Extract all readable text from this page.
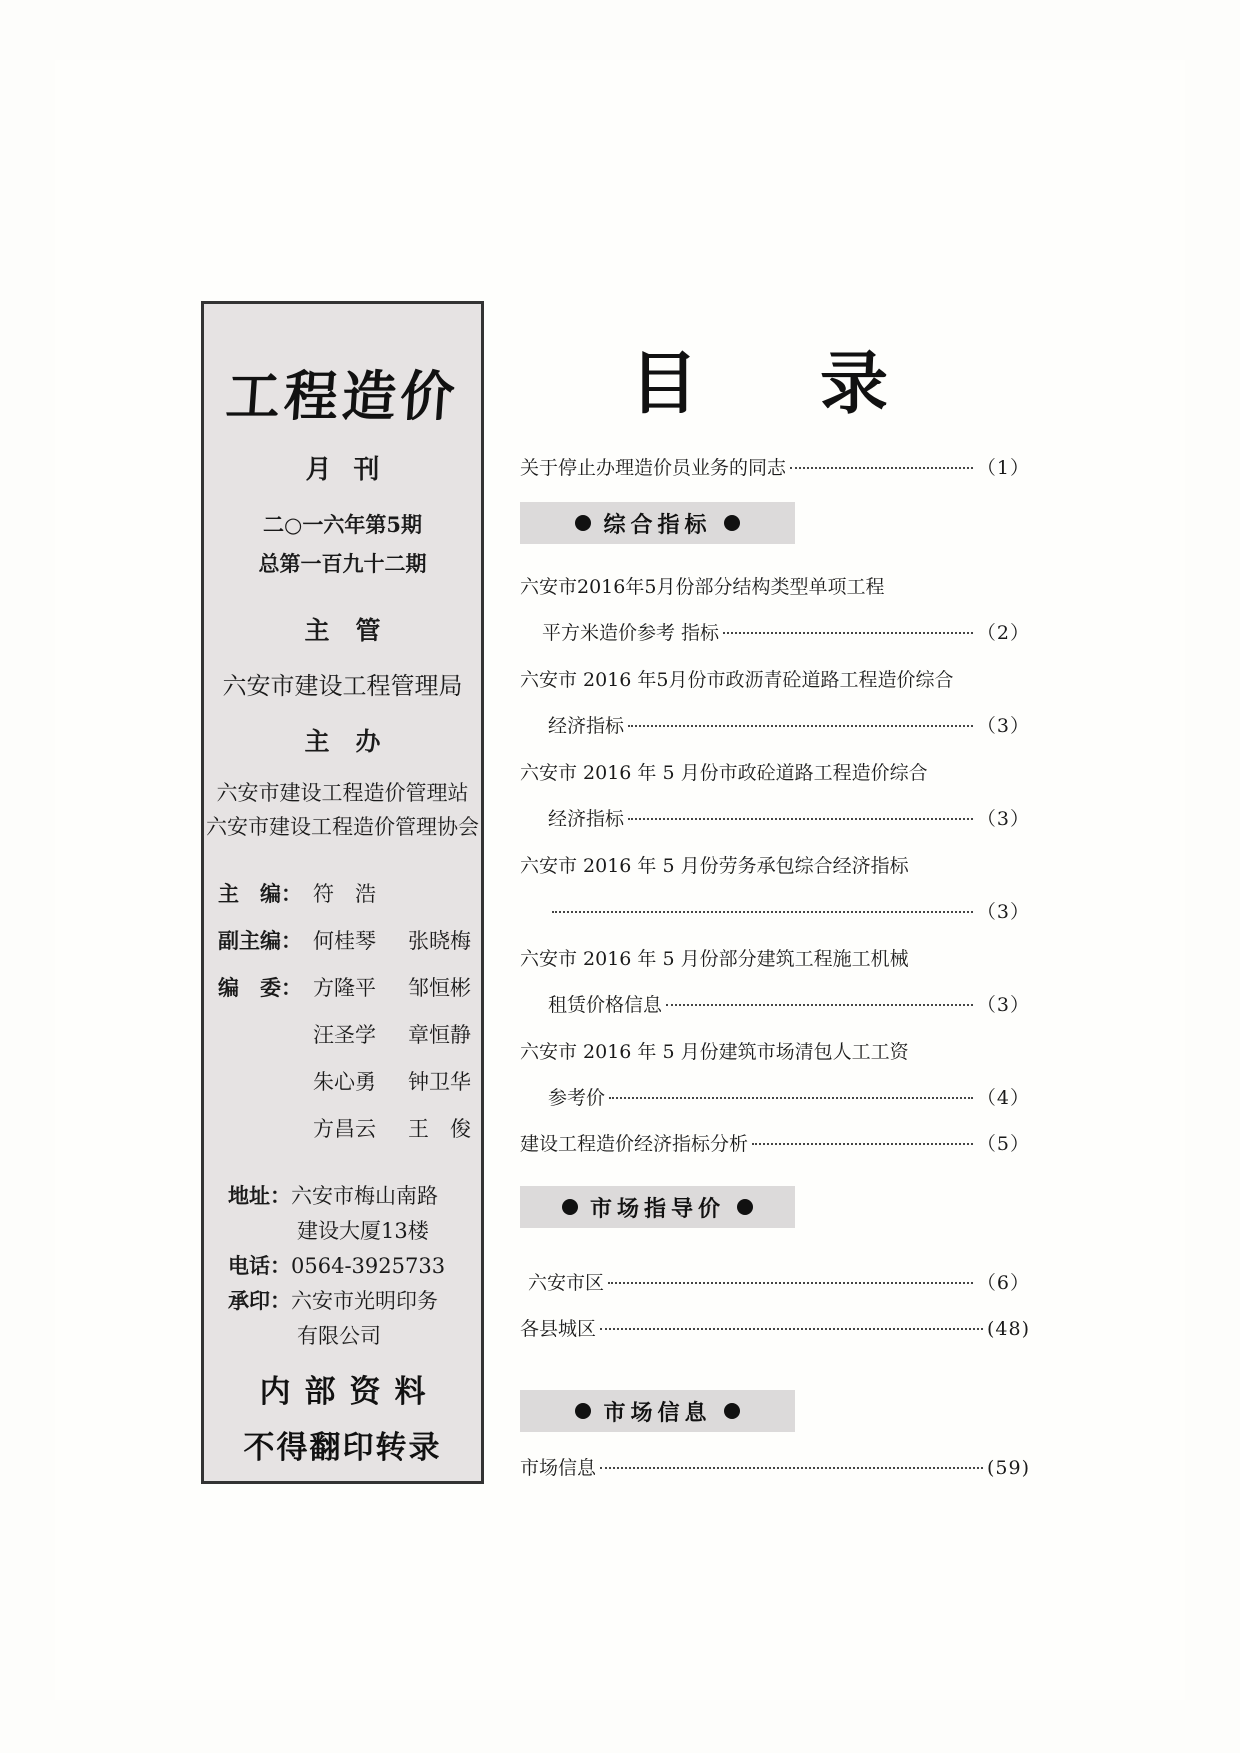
工程造价
月刊
二○一六年第5期
总第一百九十二期
主管
六安市建设工程管理局
主办
六安市建设工程造价管理站
六安市建设工程造价管理协会
主　编： 符　浩
副主编： 何桂琴 张晓梅
编　委： 方隆平 邹恒彬
汪圣学 章恒静
朱心勇 钟卫华
方昌云 王　俊
地址：六安市梅山南路
建设大厦13楼
电话：0564-3925733
承印：六安市光明印务
有限公司
内部资料
不得翻印转录
目 录
关于停止办理造价员业务的同志	（1）
综合指标
六安市2016年5月份部分结构类型单项工程
平方米造价参考 指标	（2）
六安市 2016 年5月份市政沥青砼道路工程造价综合
经济指标	（3）
六安市 2016 年 5 月份市政砼道路工程造价综合
经济指标	（3）
六安市 2016 年 5 月份劳务承包综合经济指标
（3）
六安市 2016 年 5 月份部分建筑工程施工机械
租赁价格信息	（3）
六安市 2016 年 5 月份建筑市场清包人工工资
参考价	（4）
建设工程造价经济指标分析	（5）
市场指导价
六安市区	（6）
各县城区	(48)
市场信息
市场信息	(59)
